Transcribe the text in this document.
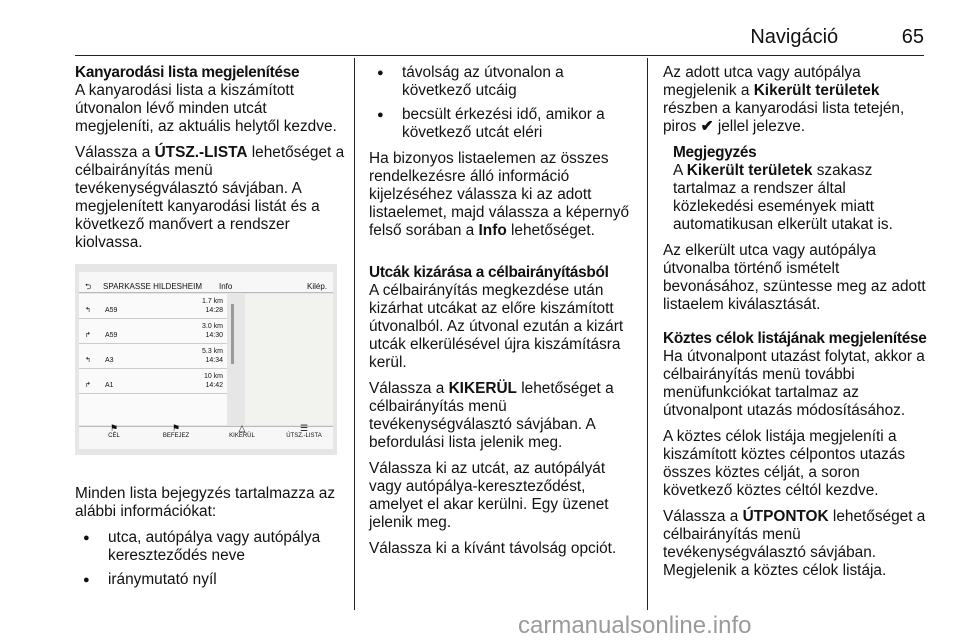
Navigáció	65
Kanyarodási lista megjelenítése

A kanyarodási lista a kiszámított útvonalon lévő minden utcát megjeleníti, az aktuális helytől kezdve.

Válassza a ÚTSZ.-LISTA lehetőséget a célbairányítás menü tevékenységválasztó sávjában. A megjelenített kanyarodási listát és a következő manővert a rendszer kiolvassa.

⮌ SPARKASSE HILDESHEIM Info	Kilép.
↰ A59
1.7 km
14:28
↱ A59
3.0 km
14:30
↰ A3
5.3 km
14:34
↱ A1
10 km
14:42
⚑
CÉL
⚑
BEFEJEZ
△
KIKERÜL
☰
ÚTSZ.-LISTA

Minden lista bejegyzés tartalmazza az alábbi információkat:

● utca, autópálya vagy autópálya kereszteződés neve
● iránymutató nyíl
● távolság az útvonalon a következő utcáig
● becsült érkezési idő, amikor a következő utcát eléri

Ha bizonyos listaelemen az összes rendelkezésre álló információ kijelzéséhez válassza ki az adott listaelemet, majd válassza a képernyő felső sorában a Info lehetőséget.

Utcák kizárása a célbairányításból

A célbairányítás megkezdése után kizárhat utcákat az előre kiszámított útvonalból. Az útvonal ezután a kizárt utcák elkerülésével újra kiszámításra kerül.

Válassza a KIKERÜL lehetőséget a célbairányítás menü tevékenységválasztó sávjában. A befordulási lista jelenik meg.

Válassza ki az utcát, az autópályát vagy autópálya-kereszteződést, amelyet el akar kerülni. Egy üzenet jelenik meg.

Válassza ki a kívánt távolság opciót.

Az adott utca vagy autópálya megjelenik a Kikerült területek részben a kanyarodási lista tetején, piros ✔ jellel jelezve.

Megjegyzés

A Kikerült területek szakasz tartalmaz a rendszer által közlekedési események miatt automatikusan elkerült utakat is.

Az elkerült utca vagy autópálya útvonalba történő ismételt bevonásához, szüntesse meg az adott listaelem kiválasztását.

Köztes célok listájának megjelenítése

Ha útvonalpont utazást folytat, akkor a célbairányítás menü további menüfunkciókat tartalmaz az útvonalpont utazás módosításához.

A köztes célok listája megjeleníti a kiszámított köztes célpontos utazás összes köztes célját, a soron következő köztes céltól kezdve.

Válassza a ÚTPONTOK lehetőséget a célbairányítás menü tevékenységválasztó sávjában. Megjelenik a köztes célok listája.

carmanualsonline.info
